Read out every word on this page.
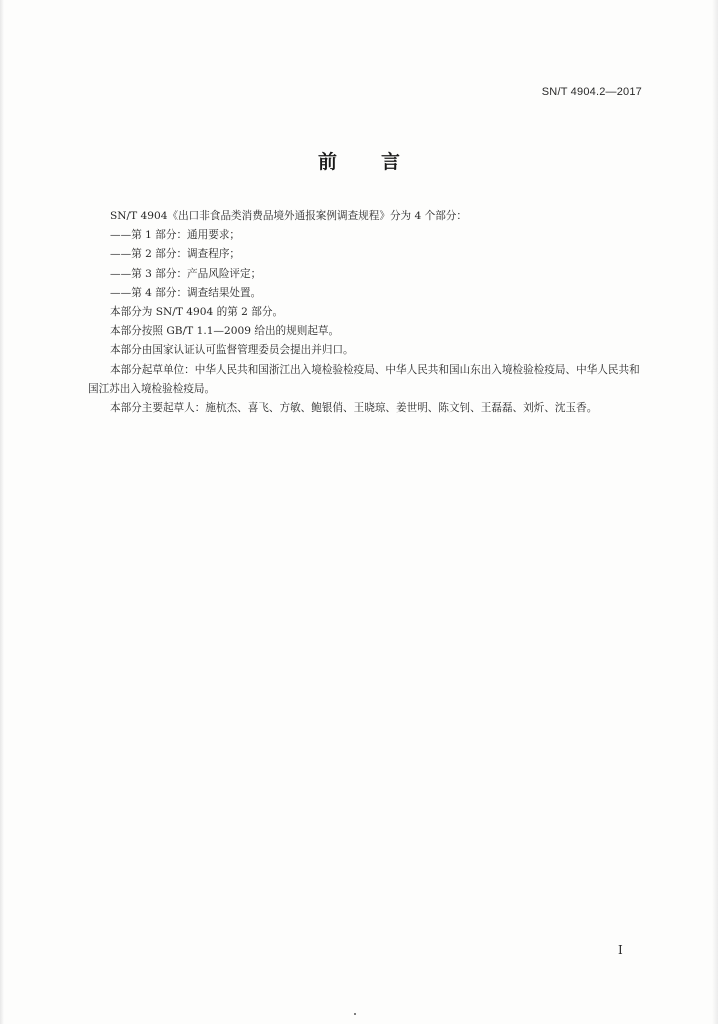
SN/T 4904.2—2017
前 言
SN/T 4904《出口非食品类消费品境外通报案例调查规程》分为 4 个部分：
——第 1 部分：通用要求；
——第 2 部分：调查程序；
——第 3 部分：产品风险评定；
——第 4 部分：调查结果处置。
本部分为 SN/T 4904 的第 2 部分。
本部分按照 GB/T 1.1—2009 给出的规则起草。
本部分由国家认证认可监督管理委员会提出并归口。
本部分起草单位：中华人民共和国浙江出入境检验检疫局、中华人民共和国山东出入境检验检疫局、中华人民共和国江苏出入境检验检疫局。
本部分主要起草人：施杭杰、喜飞、方敏、鲍银俏、王晓琼、姜世明、陈文钊、王磊磊、刘炘、沈玉香。
I
